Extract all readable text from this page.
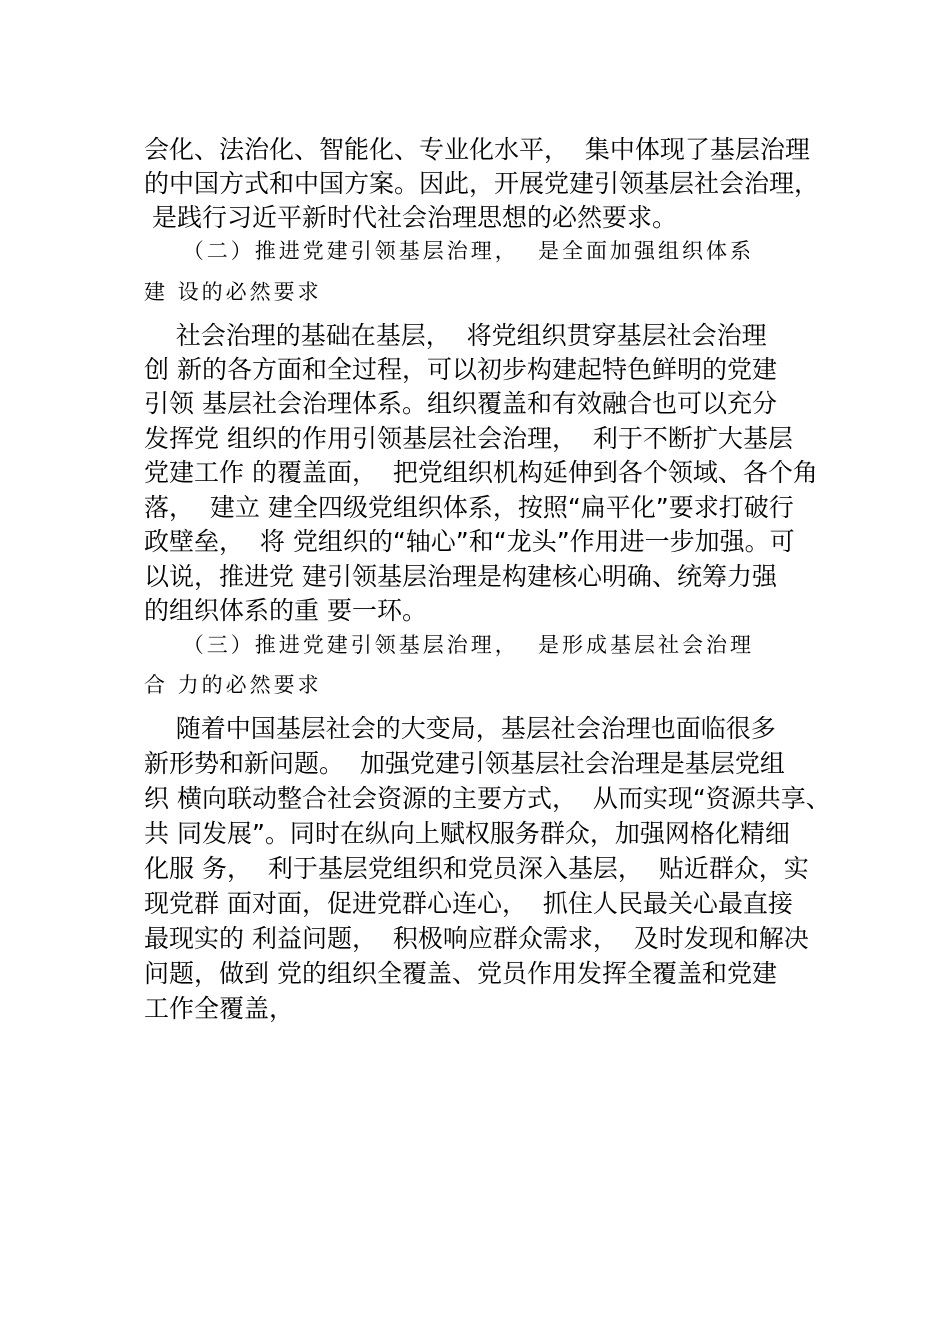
会化、法治化、智能化、专业化水平，  集中体现了基层治理
的中国方式和中国方案。因此，开展党建引领基层社会治理，
是践行习近平新时代社会治理思想的必然要求。
（二）推进党建引领基层治理，  是全面加强组织体系
建 设的必然要求
社会治理的基础在基层，  将党组织贯穿基层社会治理
创 新的各方面和全过程，可以初步构建起特色鲜明的党建
引领 基层社会治理体系。组织覆盖和有效融合也可以充分
发挥党 组织的作用引领基层社会治理，  利于不断扩大基层
党建工作 的覆盖面，  把党组织机构延伸到各个领域、各个角
落，  建立 建全四级党组织体系，按照“扁平化”要求打破行
政壁垒，  将 党组织的“轴心”和“龙头”作用进一步加强。可
以说，推进党 建引领基层治理是构建核心明确、统筹力强
的组织体系的重 要一环。
（三）推进党建引领基层治理，  是形成基层社会治理
合 力的必然要求
随着中国基层社会的大变局，基层社会治理也面临很多
新形势和新问题。  加强党建引领基层社会治理是基层党组
织 横向联动整合社会资源的主要方式，  从而实现“资源共享、
共 同发展”。同时在纵向上赋权服务群众，加强网格化精细
化服 务，  利于基层党组织和党员深入基层，  贴近群众，实
现党群 面对面，促进党群心连心，  抓住人民最关心最直接
最现实的 利益问题，  积极响应群众需求，  及时发现和解决
问题，做到 党的组织全覆盖、党员作用发挥全覆盖和党建
工作全覆盖，
